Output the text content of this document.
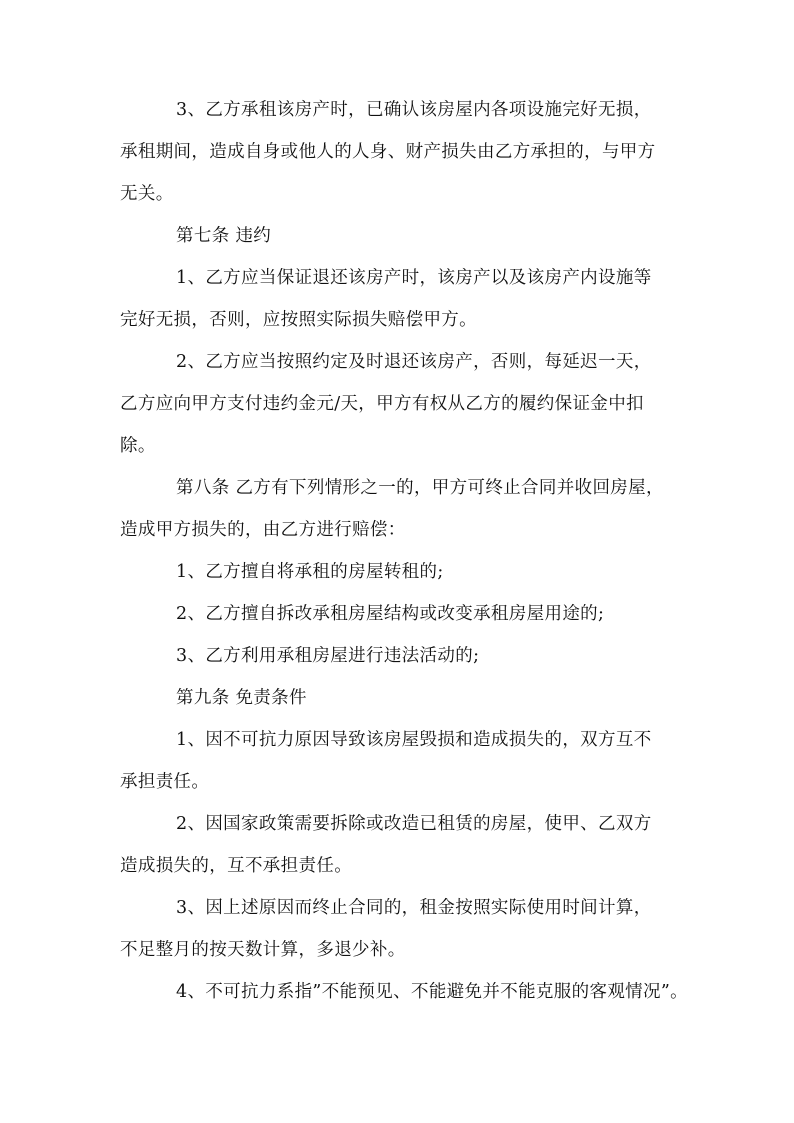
3、乙方承租该房产时，已确认该房屋内各项设施完好无损，
承租期间，造成自身或他人的人身、财产损失由乙方承担的，与甲方
无关。
第七条 违约
1、乙方应当保证退还该房产时，该房产以及该房产内设施等
完好无损，否则，应按照实际损失赔偿甲方。
2、乙方应当按照约定及时退还该房产，否则，每延迟一天，
乙方应向甲方支付违约金元/天，甲方有权从乙方的履约保证金中扣
除。
第八条 乙方有下列情形之一的，甲方可终止合同并收回房屋，
造成甲方损失的，由乙方进行赔偿：
1、乙方擅自将承租的房屋转租的;
2、乙方擅自拆改承租房屋结构或改变承租房屋用途的;
3、乙方利用承租房屋进行违法活动的;
第九条 免责条件
1、因不可抗力原因导致该房屋毁损和造成损失的，双方互不
承担责任。
2、因国家政策需要拆除或改造已租赁的房屋，使甲、乙双方
造成损失的，互不承担责任。
3、因上述原因而终止合同的，租金按照实际使用时间计算，
不足整月的按天数计算，多退少补。
4、不可抗力系指”不能预见、不能避免并不能克服的客观情况”。
